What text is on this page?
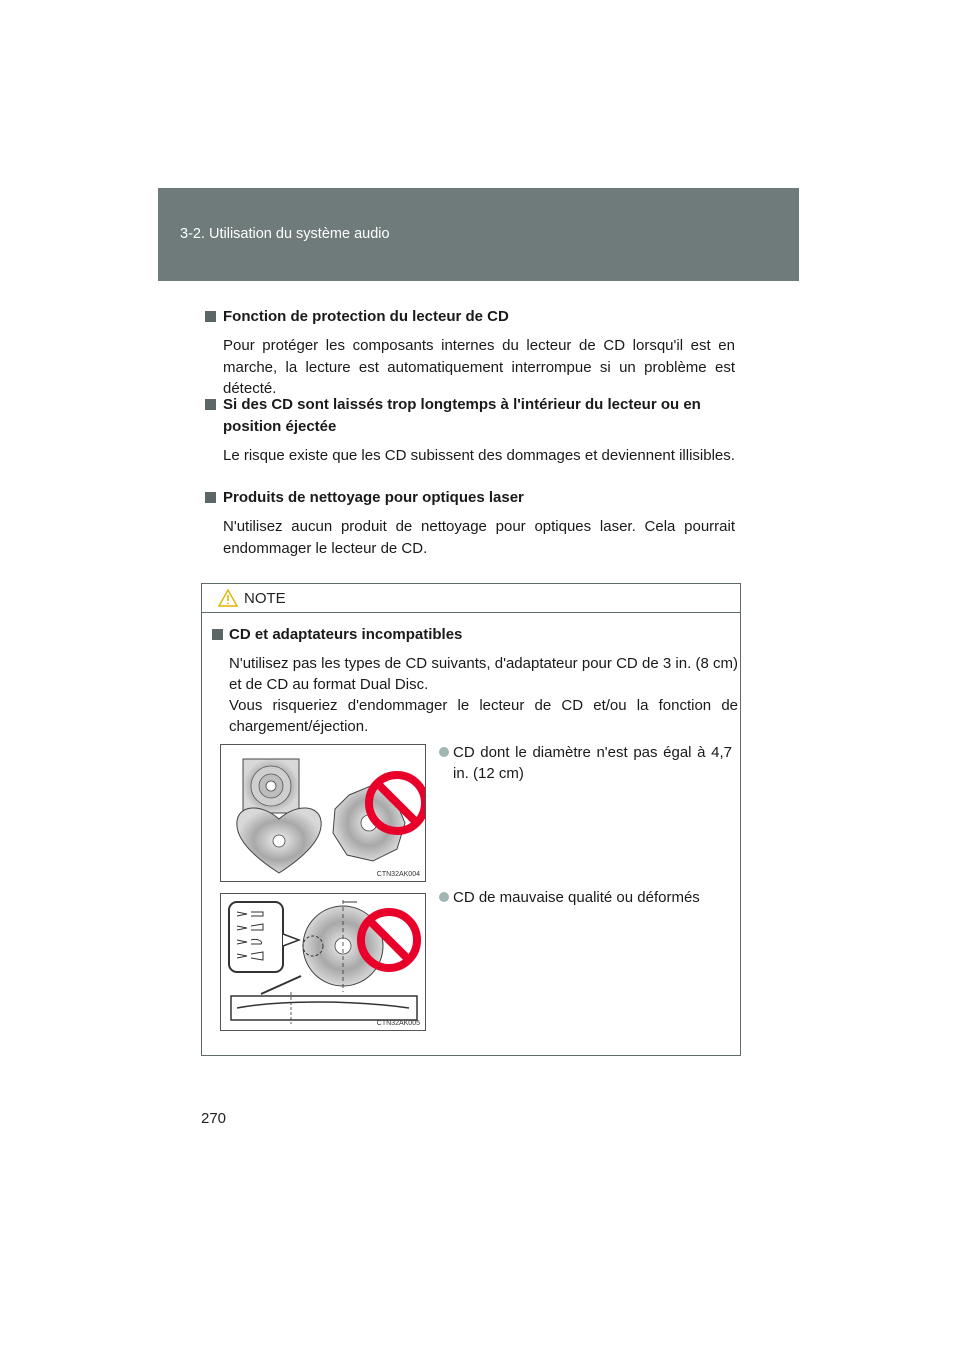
3-2. Utilisation du système audio
Fonction de protection du lecteur de CD
Pour protéger les composants internes du lecteur de CD lorsqu'il est en marche, la lecture est automatiquement interrompue si un problème est détecté.
Si des CD sont laissés trop longtemps à l'intérieur du lecteur ou en position éjectée
Le risque existe que les CD subissent des dommages et deviennent illisibles.
Produits de nettoyage pour optiques laser
N'utilisez aucun produit de nettoyage pour optiques laser. Cela pourrait endommager le lecteur de CD.
NOTE
CD et adaptateurs incompatibles
N'utilisez pas les types de CD suivants, d'adaptateur pour CD de 3 in. (8 cm) et de CD au format Dual Disc.
Vous risqueriez d'endommager le lecteur de CD et/ou la fonction de chargement/éjection.
CTN32AK004
CD dont le diamètre n'est pas égal à 4,7 in. (12 cm)
CTN32AK005
CD de mauvaise qualité ou déformés
270
